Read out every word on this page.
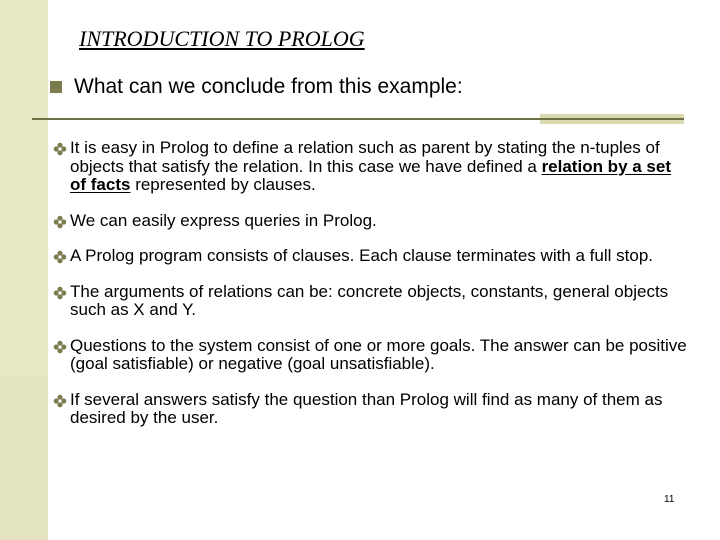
INTRODUCTION TO PROLOG
What can we conclude from this example:
It is easy in Prolog to define a relation such as parent by stating the n-tuples of objects that satisfy the relation. In this case we have defined a relation by a set of facts represented by clauses.
We can easily express queries in Prolog.
A Prolog program consists of clauses. Each clause terminates with a full stop.
The arguments of relations can be: concrete objects, constants, general objects such as X and Y.
Questions to the system consist of one or more goals. The answer can be positive (goal satisfiable) or negative (goal unsatisfiable).
If several answers satisfy the question than Prolog will find as many of them as desired by the user.
11
